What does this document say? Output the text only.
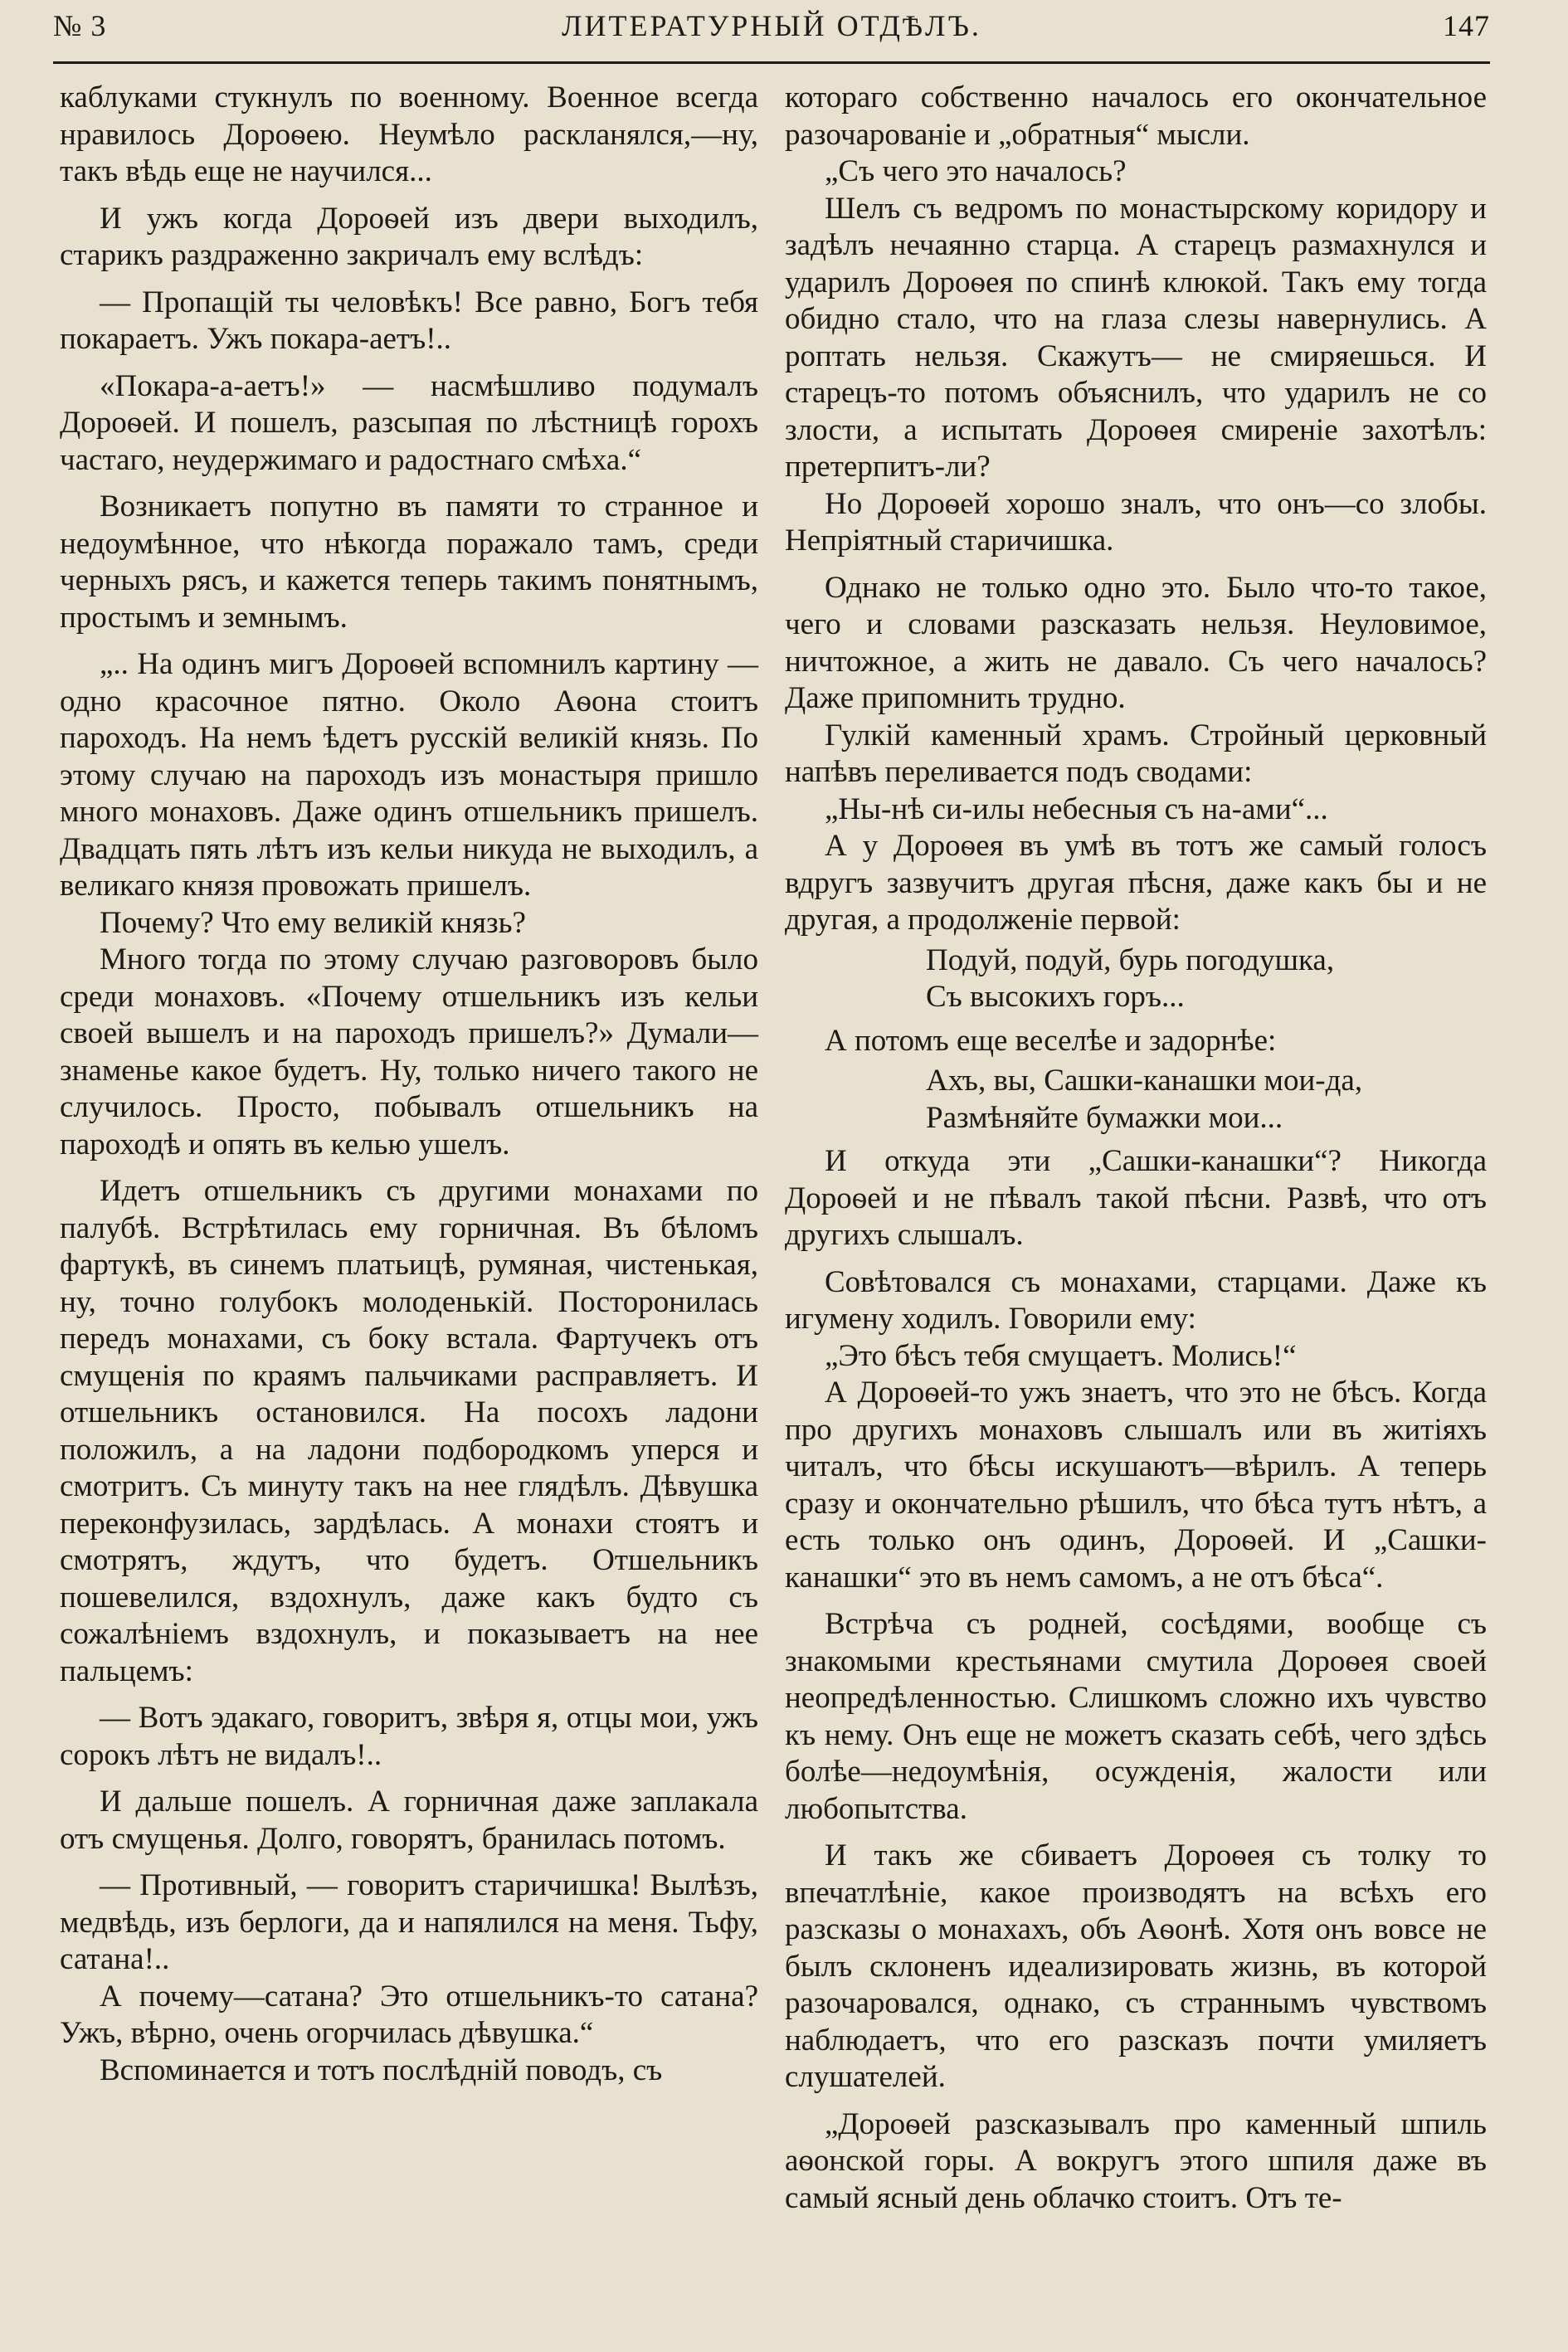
№ 3	ЛИТЕРАТУРНЫЙ ОТДѢЛЪ.	147

каблуками стукнулъ по военному. Военное всегда нравилось Дороѳею. Неумѣло раскланялся,—ну, такъ вѣдь еще не научился...

И ужъ когда Дороѳей изъ двери выходилъ, старикъ раздраженно закричалъ ему вслѣдъ:

— Пропащій ты человѣкъ! Все равно, Богъ тебя покараетъ. Ужъ покара-аетъ!..

«Покара-а-аетъ!» — насмѣшливо подумалъ Дороѳей. И пошелъ, разсыпая по лѣстницѣ горохъ частаго, неудержимаго и радостнаго смѣха.“

Возникаетъ попутно въ памяти то странное и недоумѣнное, что нѣкогда поражало тамъ, среди черныхъ рясъ, и кажется теперь такимъ понятнымъ, простымъ и земнымъ.

„.. На одинъ мигъ Дороѳей вспомнилъ картину — одно красочное пятно. Около Аѳона стоитъ пароходъ. На немъ ѣдетъ русскій великій князь. По этому случаю на пароходъ изъ монастыря пришло много монаховъ. Даже одинъ отшельникъ пришелъ. Двадцать пять лѣтъ изъ кельи никуда не выходилъ, а великаго князя провожать пришелъ.

Почему? Что ему великій князь?

Много тогда по этому случаю разговоровъ было среди монаховъ. «Почему отшельникъ изъ кельи своей вышелъ и на пароходъ пришелъ?» Думали—знаменье какое будетъ. Ну, только ничего такого не случилось. Просто, побывалъ отшельникъ на пароходѣ и опять въ келью ушелъ.

Идетъ отшельникъ съ другими монахами по палубѣ. Встрѣтилась ему горничная. Въ бѣломъ фартукѣ, въ синемъ платьицѣ, румяная, чистенькая, ну, точно голубокъ молоденькій. Посторонилась передъ монахами, съ боку встала. Фартучекъ отъ смущенія по краямъ пальчиками расправляетъ. И отшельникъ остановился. На посохъ ладони положилъ, а на ладони подбородкомъ уперся и смотритъ. Съ минуту такъ на нее глядѣлъ. Дѣвушка переконфузилась, зардѣлась. А монахи стоятъ и смотрятъ, ждутъ, что будетъ. Отшельникъ пошевелился, вздохнулъ, даже какъ будто съ сожалѣніемъ вздохнулъ, и показываетъ на нее пальцемъ:

— Вотъ эдакаго, говоритъ, звѣря я, отцы мои, ужъ сорокъ лѣтъ не видалъ!..

И дальше пошелъ. А горничная даже заплакала отъ смущенья. Долго, говорятъ, бранилась потомъ.

— Противный, — говоритъ старичишка! Вылѣзъ, медвѣдь, изъ берлоги, да и напялился на меня. Тьфу, сатана!..

А почему—сатана? Это отшельникъ-то сатана? Ужъ, вѣрно, очень огорчилась дѣвушка.“

Вспоминается и тотъ послѣдній поводъ, съ

котораго собственно началось его окончательное разочарованіе и „обратныя“ мысли.

„Съ чего это началось?

Шелъ съ ведромъ по монастырскому коридору и задѣлъ нечаянно старца. А старецъ размахнулся и ударилъ Дороѳея по спинѣ клюкой. Такъ ему тогда обидно стало, что на глаза слезы навернулись. А роптать нельзя. Скажутъ— не смиряешься. И старецъ-то потомъ объяснилъ, что ударилъ не со злости, а испытать Дороѳея смиреніе захотѣлъ: претерпитъ-ли?

Но Дороѳей хорошо зналъ, что онъ—со злобы. Непріятный старичишка.

Однако не только одно это. Было что-то такое, чего и словами разсказать нельзя. Неуловимое, ничтожное, а жить не давало. Съ чего началось? Даже припомнить трудно.

Гулкій каменный храмъ. Стройный церковный напѣвъ переливается подъ сводами:

„Ны-нѣ си-илы небесныя съ на-ами“...

А у Дороѳея въ умѣ въ тотъ же самый голосъ вдругъ зазвучитъ другая пѣсня, даже какъ бы и не другая, а продолженіе первой:

Подуй, подуй, бурь погодушка,
Съ высокихъ горъ...

А потомъ еще веселѣе и задорнѣе:

Ахъ, вы, Сашки-канашки мои-да,
Размѣняйте бумажки мои...

И откуда эти „Сашки-канашки“? Никогда Дороѳей и не пѣвалъ такой пѣсни. Развѣ, что отъ другихъ слышалъ.

Совѣтовался съ монахами, старцами. Даже къ игумену ходилъ. Говорили ему:

„Это бѣсъ тебя смущаетъ. Молись!“

А Дороѳей-то ужъ знаетъ, что это не бѣсъ. Когда про другихъ монаховъ слышалъ или въ житіяхъ читалъ, что бѣсы искушаютъ—вѣрилъ. А теперь сразу и окончательно рѣшилъ, что бѣса тутъ нѣтъ, а есть только онъ одинъ, Дороѳей. И „Сашки-канашки“ это въ немъ самомъ, а не отъ бѣса“.

Встрѣча съ родней, сосѣдями, вообще съ знакомыми крестьянами смутила Дороѳея своей неопредѣленностью. Слишкомъ сложно ихъ чувство къ нему. Онъ еще не можетъ сказать себѣ, чего здѣсь болѣе—недоумѣнія, осужденія, жалости или любопытства.

И такъ же сбиваетъ Дороѳея съ толку то впечатлѣніе, какое производятъ на всѣхъ его разсказы о монахахъ, объ Аѳонѣ. Хотя онъ вовсе не былъ склоненъ идеализировать жизнь, въ которой разочаровался, однако, съ страннымъ чувствомъ наблюдаетъ, что его разсказъ почти умиляетъ слушателей.

„Дороѳей разсказывалъ про каменный шпиль аѳонской горы. А вокругъ этого шпиля даже въ самый ясный день облачко стоитъ. Отъ те-
